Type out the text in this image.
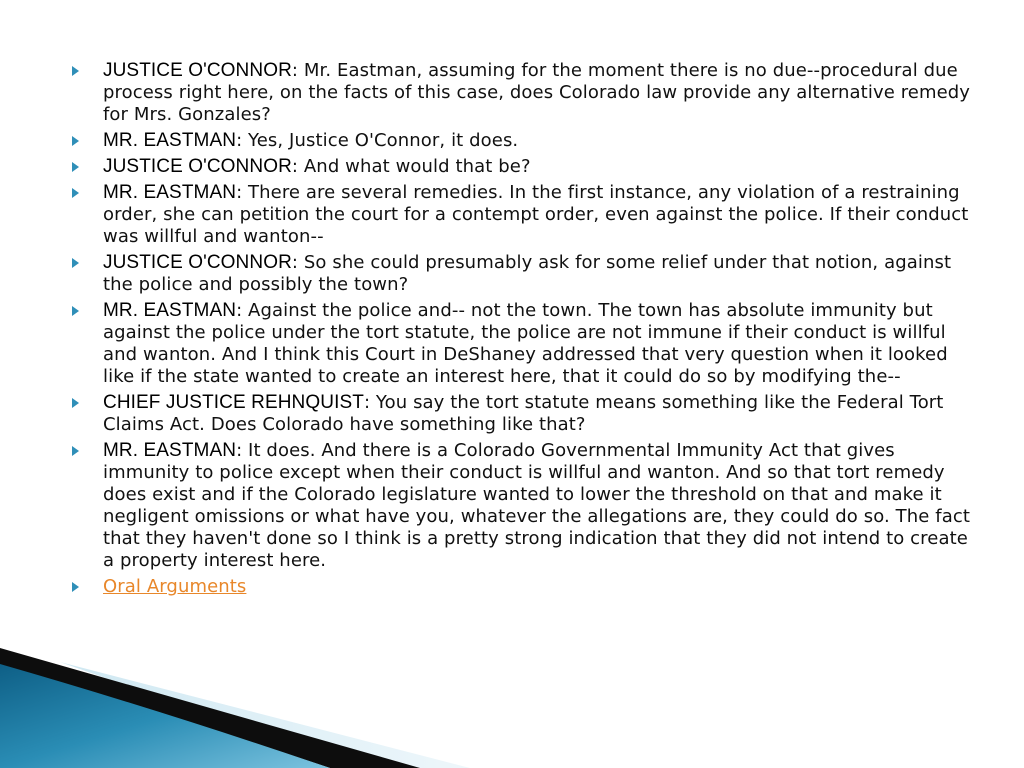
JUSTICE O'CONNOR: Mr. Eastman, assuming for the moment there is no due--procedural due process right here, on the facts of this case, does Colorado law provide any alternative remedy for Mrs. Gonzales?
MR. EASTMAN: Yes, Justice O'Connor, it does.
JUSTICE O'CONNOR: And what would that be?
MR. EASTMAN: There are several remedies. In the first instance, any violation of a restraining order, she can petition the court for a contempt order, even against the police. If their conduct was willful and wanton--
JUSTICE O'CONNOR: So she could presumably ask for some relief under that notion, against the police and possibly the town?
MR. EASTMAN: Against the police and-- not the town. The town has absolute immunity but against the police under the tort statute, the police are not immune if their conduct is willful and wanton. And I think this Court in DeShaney addressed that very question when it looked like if the state wanted to create an interest here, that it could do so by modifying the--
CHIEF JUSTICE REHNQUIST: You say the tort statute means something like the Federal Tort Claims Act. Does Colorado have something like that?
MR. EASTMAN: It does. And there is a Colorado Governmental Immunity Act that gives immunity to police except when their conduct is willful and wanton. And so that tort remedy does exist and if the Colorado legislature wanted to lower the threshold on that and make it negligent omissions or what have you, whatever the allegations are, they could do so. The fact that they haven't done so I think is a pretty strong indication that they did not intend to create a property interest here.
Oral Arguments
